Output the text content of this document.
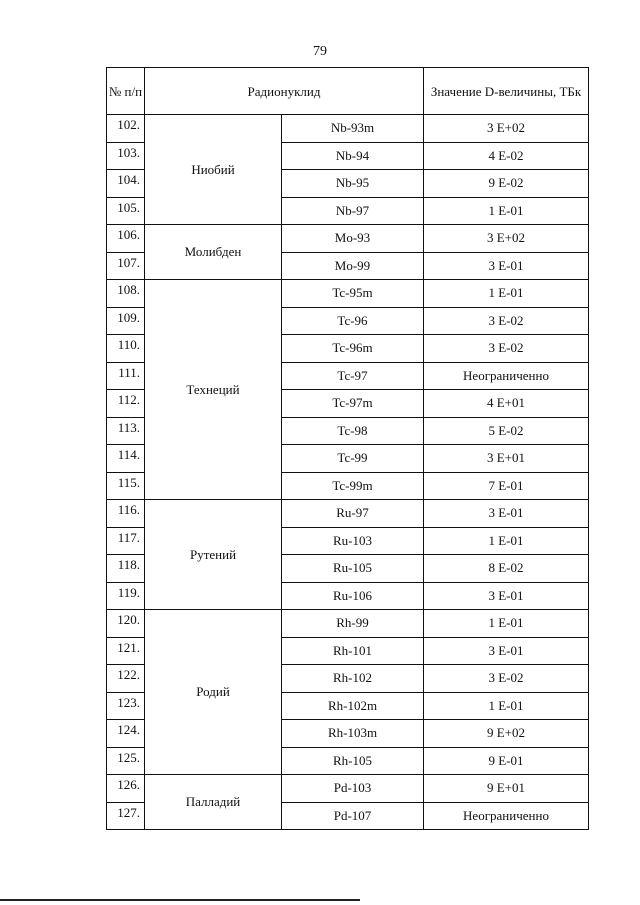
79
№ п/п	Радионуклид		Значение D-величины, ТБк
102.	Ниобий	Nb-93m	3 E+02
103.		Nb-94	4 E-02
104.		Nb-95	9 E-02
105.		Nb-97	1 E-01
106.	Молибден	Mo-93	3 E+02
107.		Mo-99	3 E-01
108.	Технеций	Tc-95m	1 E-01
109.		Tc-96	3 E-02
110.		Tc-96m	3 E-02
111.		Tc-97	Неограниченно
112.		Tc-97m	4 E+01
113.		Tc-98	5 E-02
114.		Tc-99	3 E+01
115.		Tc-99m	7 E-01
116.	Рутений	Ru-97	3 E-01
117.		Ru-103	1 E-01
118.		Ru-105	8 E-02
119.		Ru-106	3 E-01
120.	Родий	Rh-99	1 E-01
121.		Rh-101	3 E-01
122.		Rh-102	3 E-02
123.		Rh-102m	1 E-01
124.		Rh-103m	9 E+02
125.		Rh-105	9 E-01
126.	Палладий	Pd-103	9 E+01
127.		Pd-107	Неограниченно
